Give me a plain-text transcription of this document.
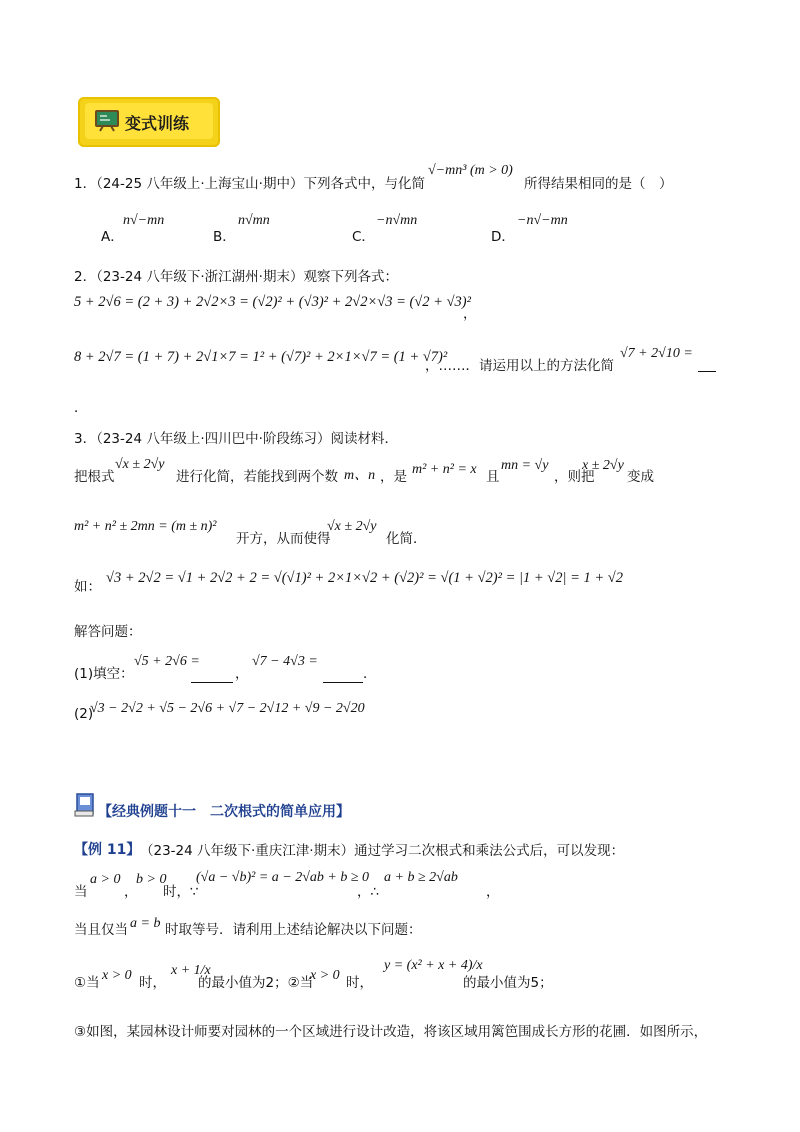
变式训练
1．（24-25 八年级上·上海宝山·期中）下列各式中，与化简
√−mn³ (m > 0)
所得结果相同的是（　）
A．
n√−mn
B．
n√mn
C．
−n√mn
D．
−n√−mn
2．（23-24 八年级下·浙江湖州·期末）观察下列各式：
5 + 2√6 = (2 + 3) + 2√2×3 = (√2)² + (√3)² + 2√2×√3 = (√2 + √3)²
，
8 + 2√7 = (1 + 7) + 2√1×7 = 1² + (√7)² + 2×1×√7 = (1 + √7)²
，……．请运用以上的方法化简
√7 + 2√10 =
．
3．（23-24 八年级上·四川巴中·阶段练习）阅读材料．
把根式
√x ± 2√y
进行化简，若能找到两个数 m、n ，是 m² + n² = x 且
mn = √y
，则把
x ± 2√y
变成
m² + n² ± 2mn = (m ± n)²
开方，从而使得
√x ± 2√y
化简．
如：
√3 + 2√2 = √1 + 2√2 + 2 = √(√1)² + 2×1×√2 + (√2)² = √(1 + √2)² = |1 + √2| = 1 + √2
解答问题：
(1)填空：
√5 + 2√6 =
，
√7 − 4√3 =
．
(2)
√3 − 2√2 + √5 − 2√6 + √7 − 2√12 + √9 − 2√20
【经典例题十一　二次根式的简单应用】
【例 11】 （23-24 八年级下·重庆江津·期末）通过学习二次根式和乘法公式后，可以发现：
当
a > 0
，
b > 0
时，∵
(√a − √b)² = a − 2√ab + b ≥ 0
，∴
a + b ≥ 2√ab
，
当且仅当 a = b 时取等号．请利用上述结论解决以下问题：
①当 x > 0 时，
x + 1/x
的最小值为2；②当
x > 0 时，
y = (x² + x + 4)/x
的最小值为5；
③如图，某园林设计师要对园林的一个区域进行设计改造，将该区域用篱笆围成长方形的花圃．如图所示，
